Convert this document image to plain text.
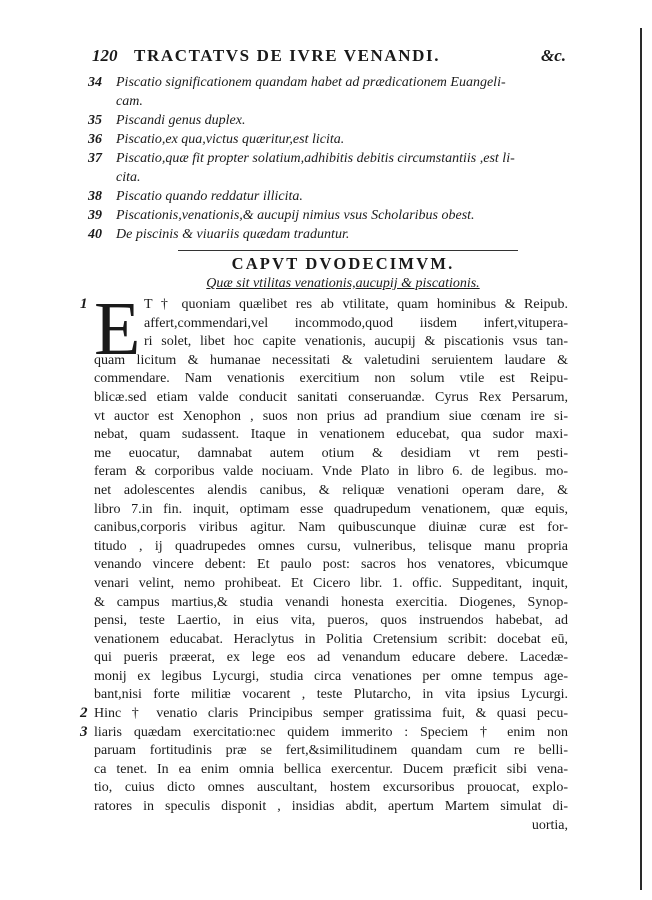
120 TRACTATVS DE IVRE VENANDI.	&c.
34 Piscatio significationem quandam habet ad prædicationem Euangeli-
cam.
35 Piscandi genus duplex.
36 Piscatio,ex qua,victus quæritur,est licita.
37 Piscatio,quæ fit propter solatium,adhibitis debitis circumstantiis ,est li-
cita.
38 Piscatio quando reddatur illicita.
39 Piscationis,venationis,& aucupij nimius vsus Scholaribus obest.
40 De piscinis & viuariis quædam traduntur.
CAPVT DVODECIMVM.
Quæ sit vtilitas venationis,aucupij & piscationis.
1
2
3
E T † quoniam quælibet res ab vtilitate, quam hominibus & Reipub.
affert,commendari,vel incommodo,quod iisdem infert,vitupera-
ri solet, libet hoc capite venationis, aucupij & piscationis vsus tan-
quam licitum & humanae necessitati & valetudini seruientem laudare &
commendare. Nam venationis exercitium non solum vtile est Reipu-
blicæ.sed etiam valde conducit sanitati conseruandæ. Cyrus Rex Persarum,
vt auctor est Xenophon , suos non prius ad prandium siue cœnam ire si-
nebat, quam sudassent. Itaque in venationem educebat, qua sudor maxi-
me euocatur, damnabat autem otium & desidiam vt rem pesti-
feram & corporibus valde nociuam. Vnde Plato in libro 6. de legibus. mo-
net adolescentes alendis canibus, & reliquæ venationi operam dare, &
libro 7.in fin. inquit, optimam esse quadrupedum venationem, quæ equis,
canibus,corporis viribus agitur. Nam quibuscunque diuinæ curæ est for-
titudo , ij quadrupedes omnes cursu, vulneribus, telisque manu propria
venando vincere debent: Et paulo post: sacros hos venatores, vbicumque
venari velint, nemo prohibeat. Et Cicero libr. 1. offic. Suppeditant, inquit,
& campus martius,& studia venandi honesta exercitia. Diogenes, Synop-
pensi, teste Laertio, in eius vita, pueros, quos instruendos habebat, ad
venationem educabat. Heraclytus in Politia Cretensium scribit: docebat eū,
qui pueris præerat, ex lege eos ad venandum educare debere. Lacedæ-
monij ex legibus Lycurgi, studia circa venationes per omne tempus age-
bant,nisi forte militiæ vocarent , teste Plutarcho, in vita ipsius Lycurgi.
Hinc † venatio claris Principibus semper gratissima fuit, & quasi pecu-
liaris quædam exercitatio:nec quidem immerito : Speciem † enim non
paruam fortitudinis præ se fert,&similitudinem quandam cum re belli-
ca tenet. In ea enim omnia bellica exercentur. Ducem præficit sibi vena-
tio, cuius dicto omnes auscultant, hostem excursoribus prouocat, explo-
ratores in speculis disponit , insidias abdit, apertum Martem simulat di-
uortia,
